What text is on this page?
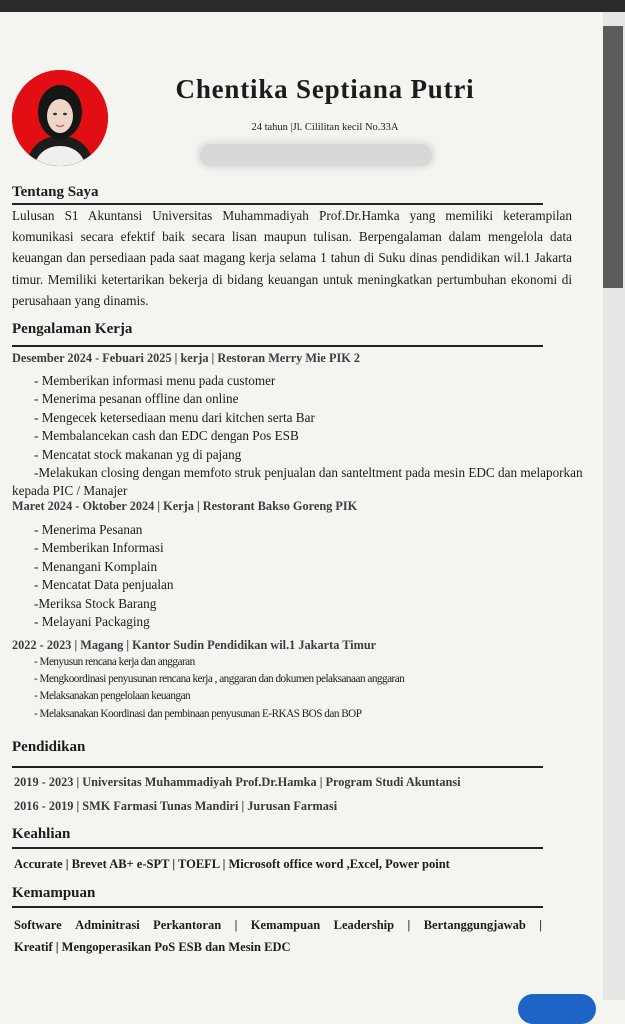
Chentika Septiana Putri
24 tahun |Jl. Cililitan kecil No.33A
Tentang Saya
Lulusan S1 Akuntansi Universitas Muhammadiyah Prof.Dr.Hamka yang memiliki keterampilan komunikasi secara efektif baik secara lisan maupun tulisan. Berpengalaman dalam mengelola data keuangan dan persediaan pada saat magang kerja selama 1 tahun di Suku dinas pendidikan wil.1 Jakarta timur. Memiliki ketertarikan bekerja di bidang keuangan untuk meningkatkan pertumbuhan ekonomi di perusahaan yang dinamis.
Pengalaman Kerja
Desember 2024 - Febuari 2025 | kerja | Restoran Merry Mie PIK 2
- Memberikan informasi menu pada customer
- Menerima pesanan offline dan online
- Mengecek ketersediaan menu dari kitchen serta Bar
- Membalancekan cash dan EDC dengan Pos ESB
- Mencatat stock makanan yg di pajang
-Melakukan closing dengan memfoto struk penjualan dan santeltment pada mesin EDC dan melaporkan kepada PIC / Manajer
Maret 2024 - Oktober 2024 | Kerja | Restorant Bakso Goreng PIK
- Menerima Pesanan
- Memberikan Informasi
- Menangani Komplain
- Mencatat Data penjualan
-Meriksa Stock Barang
- Melayani Packaging
2022 - 2023 | Magang | Kantor Sudin Pendidikan wil.1 Jakarta Timur
- Menyusun rencana kerja dan anggaran
- Mengkoordinasi penyusunan rencana kerja , anggaran dan dokumen pelaksanaan anggaran
- Melaksanakan pengelolaan keuangan
- Melaksanakan Koordinasi dan pembinaan penyusunan E-RKAS BOS dan BOP
Pendidikan
2019 - 2023 | Universitas Muhammadiyah Prof.Dr.Hamka | Program Studi Akuntansi
2016 - 2019 | SMK Farmasi Tunas Mandiri | Jurusan Farmasi
Keahlian
Accurate | Brevet AB+ e-SPT | TOEFL | Microsoft office word ,Excel, Power point
Kemampuan
Software Adminitrasi Perkantoran | Kemampuan Leadership | Bertanggungjawab |
Kreatif | Mengoperasikan PoS ESB dan Mesin EDC
